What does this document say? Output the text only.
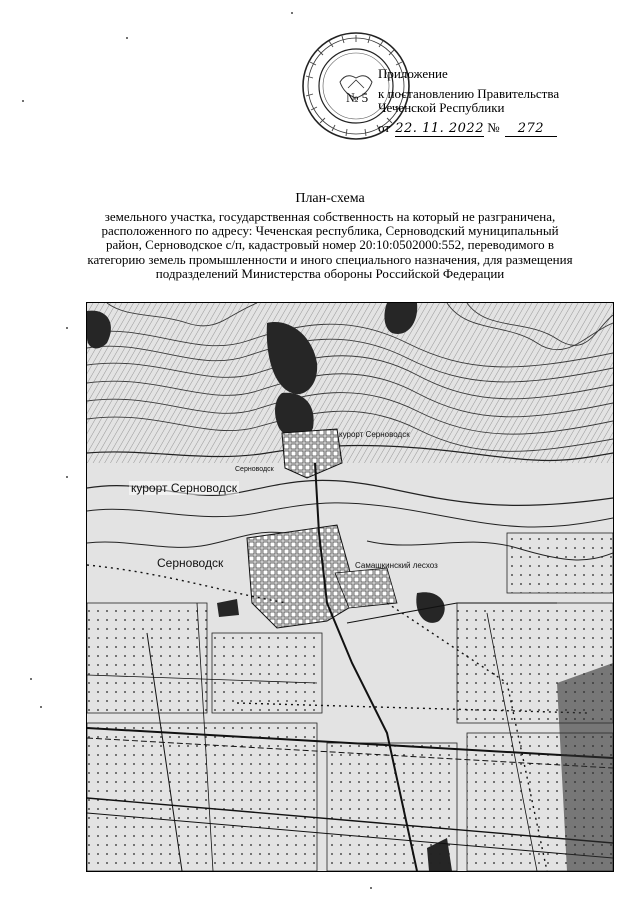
№ 5
Приложение
к постановлению Правительства
Чеченской Республики
от 22. 11. 2022 № 272
План-схема
земельного участка, государственная собственность на который не разграничена, расположенного по адресу: Чеченская республика, Серноводский муниципальный район, Серноводское с/п, кадастровый номер 20:10:0502000:552, переводимого в категорию земель промышленности и иного специального назначения, для размещения подразделений Министерства обороны Российской Федерации
курорт Серноводск
курорт Серноводск
Серноводск
Серноводск
Самашкинский лесхоз
